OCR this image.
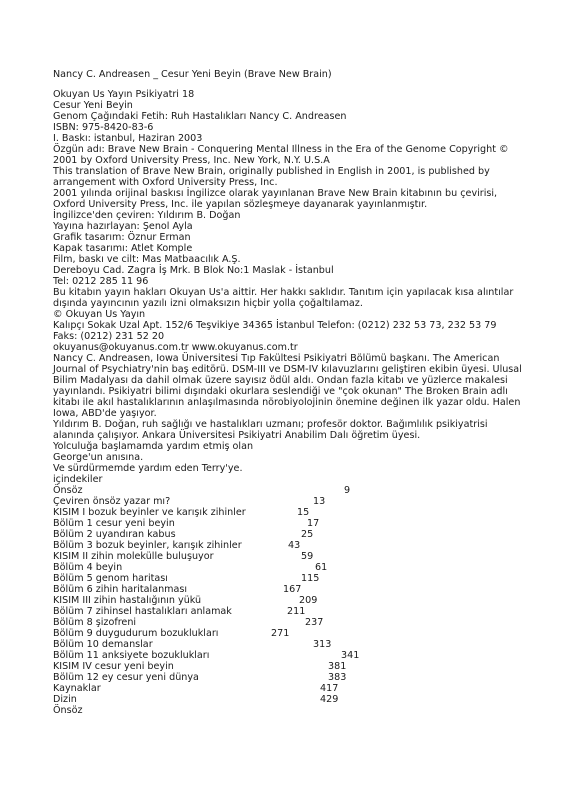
Nancy C. Andreasen _ Cesur Yeni Beyin (Brave New Brain)
Okuyan Us Yayın Psikiyatri 18
Cesur Yeni Beyin
Genom Çağındaki Fetih: Ruh Hastalıkları Nancy C. Andreasen
ISBN: 975-8420-83-6
I. Baskı: istanbul, Haziran 2003
Özgün adı: Brave New Brain - Conquering Mental Illness in the Era of the Genome Copyright © 2001 by Oxford University Press, Inc. New York, N.Y. U.S.A
This translation of Brave New Brain, originally published in English in 2001, is published by arrangement with Oxford University Press, Inc.
2001 yılında orijinal baskısı İngilizce olarak yayınlanan Brave New Brain kitabının bu çevirisi, Oxford University Press, Inc. ile yapılan sözleşmeye dayanarak yayınlanmıştır.
İngilizce'den çeviren: Yıldırım B. Doğan
Yayına hazırlayan: Şenol Ayla
Grafik tasarım: Öznur Erman
Kapak tasarımı: Atlet Komple
Film, baskı ve cilt: Mas Matbaacılık A.Ş.
Dereboyu Cad. Zagra İş Mrk. B Blok No:1 Maslak - İstanbul
Tel: 0212 285 11 96
Bu kitabın yayın hakları Okuyan Us'a aittir. Her hakkı saklıdır. Tanıtım için yapılacak kısa alıntılar dışında yayıncının yazılı izni olmaksızın hiçbir yolla çoğaltılamaz.
© Okuyan Us Yayın
Kalıpçı Sokak Uzal Apt. 152/6 Teşvikiye 34365 İstanbul Telefon: (0212) 232 53 73, 232 53 79 Faks: (0212) 231 52 20
okuyanus@okuyanus.com.tr www.okuyanus.com.tr
Nancy C. Andreasen, Iowa Üniversitesi Tıp Fakültesi Psikiyatri Bölümü başkanı. The American Journal of Psychiatry'nin baş editörü. DSM-III ve DSM-IV kılavuzlarını geliştiren ekibin üyesi. Ulusal Bilim Madalyası da dahil olmak üzere sayısız ödül aldı. Ondan fazla kitabı ve yüzlerce makalesi yayınlandı. Psikiyatri bilimi dışındaki okurlara seslendiği ve "çok okunan" The Broken Brain adlı kitabı ile akıl hastalıklarının anlaşılmasında nörobiyolojinin önemine değinen ilk yazar oldu. Halen Iowa, ABD'de yaşıyor.
Yıldırım B. Doğan, ruh sağlığı ve hastalıkları uzmanı; profesör doktor. Bağımlılık psikiyatrisi alanında çalışıyor. Ankara Üniversitesi Psikiyatri Anabilim Dalı öğretim üyesi.
Yolculuğa başlamamda yardım etmiş olan
George'un anısına.
Ve sürdürmemde yardım eden Terry'ye.
içindekiler
Önsöz	9
Çeviren önsöz yazar mı?	13
KISIM I bozuk beyinler ve karışık zihinler	15
Bölüm 1 cesur yeni beyin	17
Bölüm 2 uyandıran kabus	25
Bölüm 3 bozuk beyinler, karışık zihinler	43
KISIM II zihin moleküllе buluşuyor	59
Bölüm 4 beyin	61
Bölüm 5 genom haritası	115
Bölüm 6 zihin haritalanması	167
KISIM III zihin hastalığının yükü	209
Bölüm 7 zihinsel hastalıkları anlamak	211
Bölüm 8 şizofreni	237
Bölüm 9 duygudurum bozuklukları	271
Bölüm 10 demanslar	313
Bölüm 11 anksiyete bozuklukları	341
KISIM IV cesur yeni beyin	381
Bölüm 12 ey cesur yeni dünya	383
Kaynaklar	417
Dizin	429
Önsöz
